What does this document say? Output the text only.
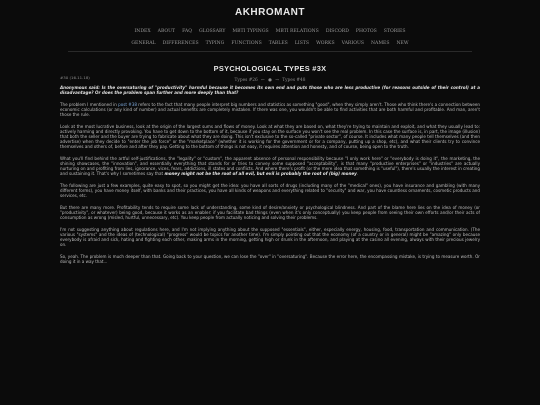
AKHROMANT
INDEX ABOUT FAQ GLOSSARY MBTI TYPINGS MBTI RELATIONS DISCORD PHOTOS STORIES
GENERAL DIFFERENCES TYPING FUNCTIONS TABLES LISTS WORKS VARIOUS NAMES NEW
PSYCHOLOGICAL TYPES #3X
Types #26 ← ● → Types #48
#30 (16.11.18)

Anonymous said: Is the oversaturing of "productivity" harmful because it becomes its own end and puts those who are less productive (for reasons outside of their control) at a disadvantage? Or does the problem span further and more deeply than that?

The problem I mentioned in post #38 refers to the fact that many people interpret big numbers and statistics as something "good", when they simply aren't. Those who think there's a connection between economic calculations (or any kind of number) and actual benefits are completely mistaken. If there was one, you wouldn't be able to find activities that are both harmful and profitable. And man, aren't those the rule.

Look at the most lucrative business, look at the origin of the largest sums and flows of money. Look at what they are based on, what they're trying to maintain and exploit, and what they usually lead to: actively harming and directly provoking. You have to get down to the bottom of it, because if you stay on the surface you won't see the real problem. In this case the surface is, in part, the image (illusion) that both the seller and the buyer are trying to fabricate about what they are doing. This isn't exclusive to the so-called "private sector", of course. It includes what many people tell themselves (and then advertise) when they decide to "enter the job force" or the "marketplace" (whether it is working for the government or for a company, putting up a shop, etc), and what their clients try to convince themselves and others of, before and after they pay. Getting to the bottom of things is not easy, it requires attention and honesty, and of course, being open to the truth.

What you'll find behind the artful self-justifications, the "legality" or "custom", the apparent absence of personal responsibility because "I only work here" or "everybody is doing it", the marketing, the shining showcases, the "innovation", and essentially everything that stands for or tries to convey some supposed "acceptability", is that many "productive enterprises" or "industries" are actually nurturing on and profiting from lies, ignorance, vices, fears, addictions, ill states and conflicts. And where there's profit (or the mere idea that something is "useful"), there's usually the interest in creating and sustaining it. That's why I sometimes say that money might not be the root of all evil, but evil is probably the root of (big) money.

The following are just a few examples, quite easy to spot, so you might get the idea: you have all sorts of drugs (including many of the "medical" ones), you have insurance and gambling (with many different forms), you have money itself, with banks and their practices, you have all kinds of weapons and everything related to "security" and war, you have countless ornaments, cosmetic products and services, etc.

But there are many more. Profitability tends to require some lack of understanding, some kind of desire/anxiety or psychological blindness. And part of the blame here lies on the idea of money (or "productivity", or whatever) being good, because it works as an enabler: if you facilitate bad things (even when it's only conceptually) you keep people from seeing their own efforts and/or their acts of consumption as wrong (misled, hurtful, unnecessary, etc). You keep people from actually noticing and solving their problems.

I'm not suggesting anything about regulations here, and I'm not implying anything about the supposed "essentials", either, especially energy, housing, food, transportation and communication. (The various "systems" and the ideas of (technological) "progress" would be topics for another time). I'm simply pointing out that the economy (of a country or in general) might be "amazing" only because everybody is afraid and sick, hating and fighting each other, making arms in the morning, getting high or drunk in the afternoon, and playing at the casino all evening, always with their precious jewelry on.

So, yeah. The problem is much deeper than that. Going back to your question, we can lose the "over" in "oversaturing". Because the error here, the encompassing mistake, is trying to measure worth. Or doing it in a way that...
